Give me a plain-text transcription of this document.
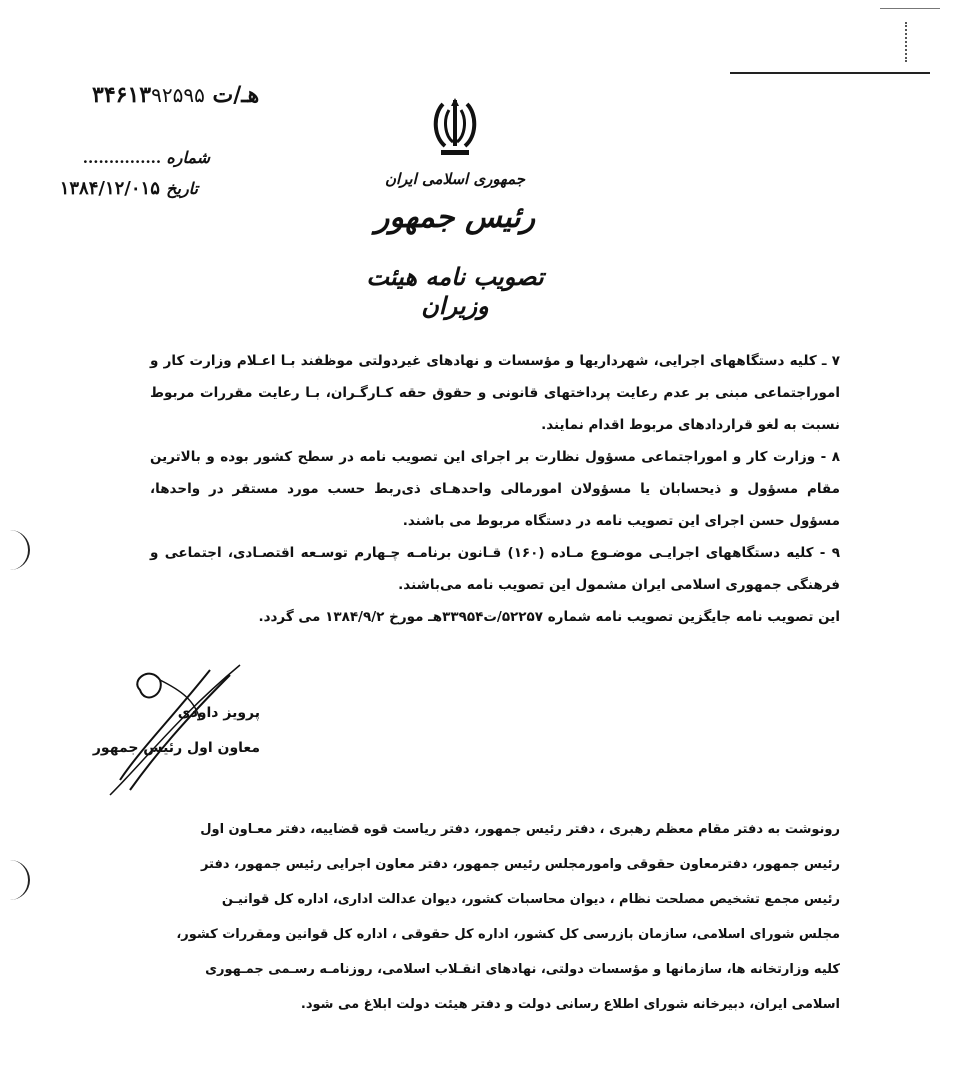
جمهوری اسلامی ایران
رئیس جمهور
تصویب نامه هیئت وزیران
۳۴۶۱۳هـ/ت ۹۲۵۹۵
شماره ...............
تاریخ ۱۳۸۴/۱۲/۰۱۵

۷ ـ کلیه دستگاههای اجرایی، شهرداریها و مؤسسات و نهادهای غیردولتی موظفند بـا اعـلام وزارت کار و اموراجتماعی مبنی بر عدم رعایت پرداختهای قانونی و حقوق حقه کـارگـران، بـا رعایت مقررات مربوط نسبت به لغو قراردادهای مربوط اقدام نمایند.

۸ - وزارت کار و اموراجتماعی مسؤول نظارت بر اجرای این تصویب نامه در سطح کشور بوده و بالاترین مقام مسؤول و ذیحسابان یا مسؤولان امورمالی واحدهـای ذی‌ربط حسب مورد مستقر در واحدها، مسؤول حسن اجرای این تصویب نامه در دستگاه مربوط می باشند.

۹ - کلیه دستگاههای اجرایـی موضـوع مـاده (۱۶۰) قـانون برنامـه چـهارم توسـعه اقتصـادی، اجتماعی و فرهنگی جمهوری اسلامی ایران مشمول این تصویب نامه می‌باشند.

این تصویب نامه جایگزین تصویب نامه شماره ۵۲۲۵۷/ت۳۳۹۵۴هـ مورخ ۱۳۸۴/۹/۲ می گردد.

پرویز داودی
معاون اول رئیس جمهور

رونوشت به دفتر مقام معظم رهبری ، دفتر رئیس جمهور، دفتر ریاست قوه قضاییه، دفتر معـاون اول

رئیس جمهور، دفترمعاون حقوقی وامورمجلس رئیس جمهور، دفتر معاون اجرایی رئیس جمهور، دفتر

رئیس مجمع تشخیص مصلحت نظام ، دیوان محاسبات کشور، دیوان عدالت اداری، اداره کل قوانیـن

مجلس شورای اسلامی، سازمان بازرسی کل کشور، اداره کل حقوقی ، اداره کل قوانین ومقررات کشور،

کلیه وزارتخانه ها، سازمانها و مؤسسات دولتی، نهادهای انقـلاب اسلامی، روزنامـه رسـمی جمـهوری

اسلامی ایران، دبیرخانه شورای اطلاع رسانی دولت و دفتر هیئت دولت ابلاغ می شود.
